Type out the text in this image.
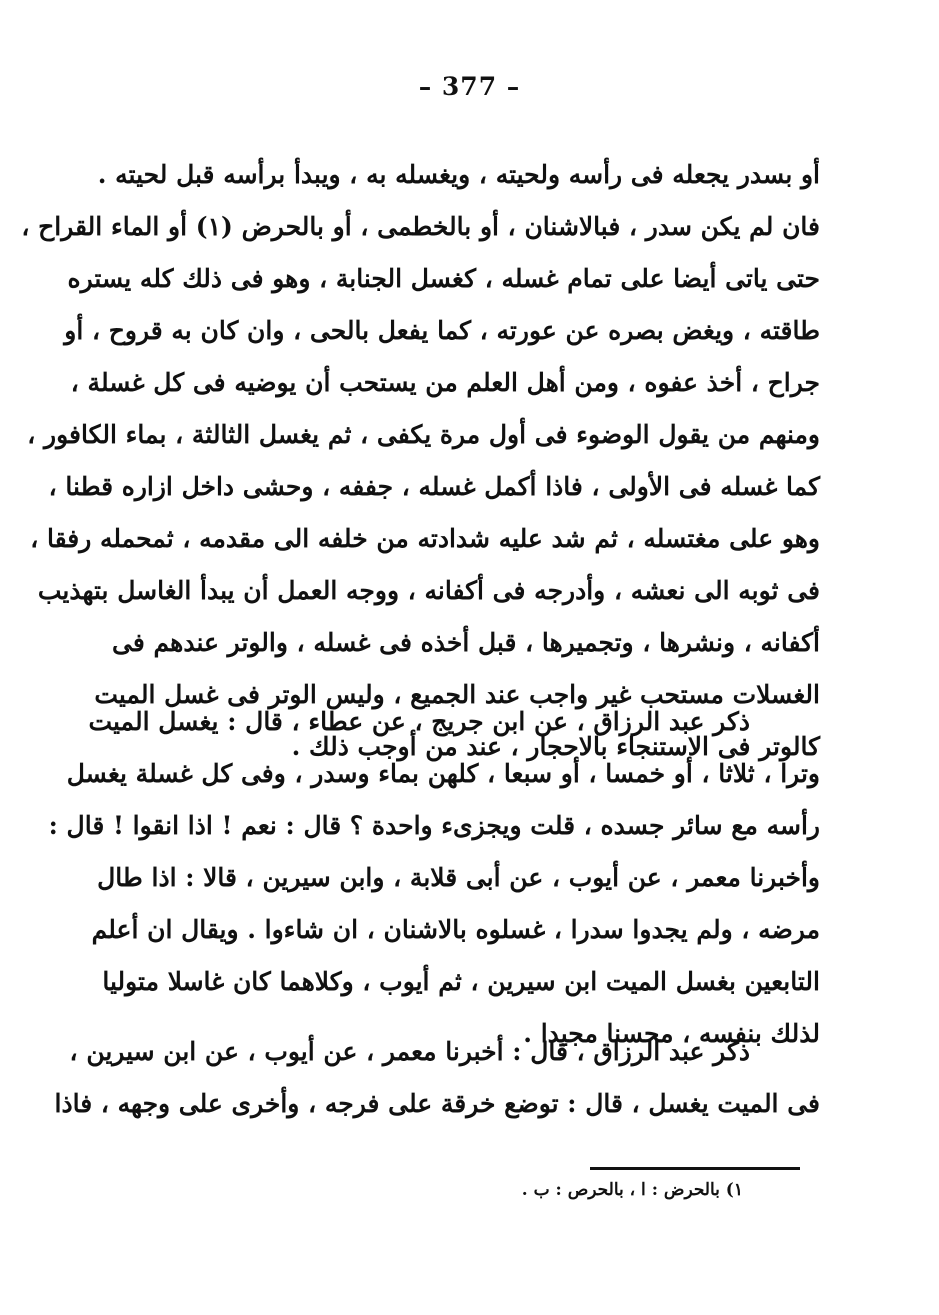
– 377 –
أو بسدر يجعله فى رأسه ولحيته ، ويغسله به ، ويبدأ برأسه قبل لحيته .
فان لم يكن سدر ، فبالاشنان ، أو بالخطمى ، أو بالحرض (١) أو الماء القراح ،
حتى ياتى أيضا على تمام غسله ، كغسل الجنابة ، وهو فى ذلك كله يستره
طاقته ، ويغض بصره عن عورته ، كما يفعل بالحى ، وان كان به قروح ، أو
جراح ، أخذ عفوه ، ومن أهل العلم من يستحب أن يوضيه فى كل غسلة ،
ومنهم من يقول الوضوء فى أول مرة يكفى ، ثم يغسل الثالثة ، بماء الكافور ،
كما غسله فى الأولى ، فاذا أكمل غسله ، جففه ، وحشى داخل ازاره قطنا ،
وهو على مغتسله ، ثم شد عليه شدادته من خلفه الى مقدمه ، ثمحمله رفقا ،
فى ثوبه الى نعشه ، وأدرجه فى أكفانه ، ووجه العمل أن يبدأ الغاسل بتهذيب
أكفانه ، ونشرها ، وتجميرها ، قبل أخذه فى غسله ، والوتر عندهم فى
الغسلات مستحب غير واجب عند الجميع ، وليس الوتر فى غسل الميت
كالوتر فى الاستنجاء بالاحجار ، عند من أوجب ذلك .
ذكر عبد الرزاق ، عن ابن جريج ، عن عطاء ، قال : يغسل الميت
وترا ، ثلاثا ، أو خمسا ، أو سبعا ، كلهن بماء وسدر ، وفى كل غسلة يغسل
رأسه مع سائر جسده ، قلت ويجزىء واحدة ؟ قال : نعم ! اذا انقوا ! قال :
وأخبرنا معمر ، عن أيوب ، عن أبى قلابة ، وابن سيرين ، قالا : اذا طال
مرضه ، ولم يجدوا سدرا ، غسلوه بالاشنان ، ان شاءوا . ويقال ان أعلم
التابعين بغسل الميت ابن سيرين ، ثم أيوب ، وكلاهما كان غاسلا متوليا
لذلك بنفسه ، محسنا مجيدا .
ذكر عبد الرزاق ، قال : أخبرنا معمر ، عن أيوب ، عن ابن سيرين ،
فى الميت يغسل ، قال : توضع خرقة على فرجه ، وأخرى على وجهه ، فاذا
١) بالحرض : ا ، بالحرص : ب .
